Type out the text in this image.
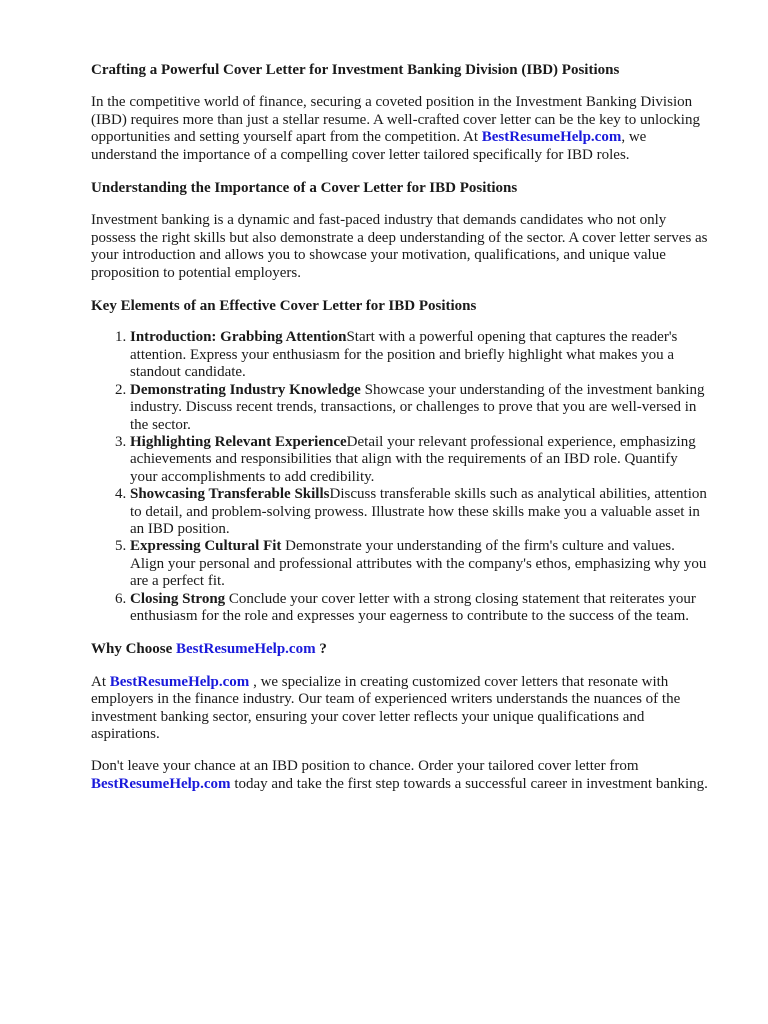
Crafting a Powerful Cover Letter for Investment Banking Division (IBD) Positions

In the competitive world of finance, securing a coveted position in the Investment Banking Division (IBD) requires more than just a stellar resume. A well-crafted cover letter can be the key to unlocking opportunities and setting yourself apart from the competition. At BestResumeHelp.com, we understand the importance of a compelling cover letter tailored specifically for IBD roles.

Understanding the Importance of a Cover Letter for IBD Positions

Investment banking is a dynamic and fast-paced industry that demands candidates who not only possess the right skills but also demonstrate a deep understanding of the sector. A cover letter serves as your introduction and allows you to showcase your motivation, qualifications, and unique value proposition to potential employers.

Key Elements of an Effective Cover Letter for IBD Positions
1. Introduction: Grabbing AttentionStart with a powerful opening that captures the reader's attention. Express your enthusiasm for the position and briefly highlight what makes you a standout candidate.
2. Demonstrating Industry Knowledge Showcase your understanding of the investment banking industry. Discuss recent trends, transactions, or challenges to prove that you are well-versed in the sector.
3. Highlighting Relevant ExperienceDetail your relevant professional experience, emphasizing achievements and responsibilities that align with the requirements of an IBD role. Quantify your accomplishments to add credibility.
4. Showcasing Transferable SkillsDiscuss transferable skills such as analytical abilities, attention to detail, and problem-solving prowess. Illustrate how these skills make you a valuable asset in an IBD position.
5. Expressing Cultural Fit Demonstrate your understanding of the firm's culture and values. Align your personal and professional attributes with the company's ethos, emphasizing why you are a perfect fit.
6. Closing Strong Conclude your cover letter with a strong closing statement that reiterates your enthusiasm for the role and expresses your eagerness to contribute to the success of the team.
Why Choose BestResumeHelp.com ?

At BestResumeHelp.com , we specialize in creating customized cover letters that resonate with employers in the finance industry. Our team of experienced writers understands the nuances of the investment banking sector, ensuring your cover letter reflects your unique qualifications and aspirations.

Don't leave your chance at an IBD position to chance. Order your tailored cover letter from BestResumeHelp.com today and take the first step towards a successful career in investment banking.
